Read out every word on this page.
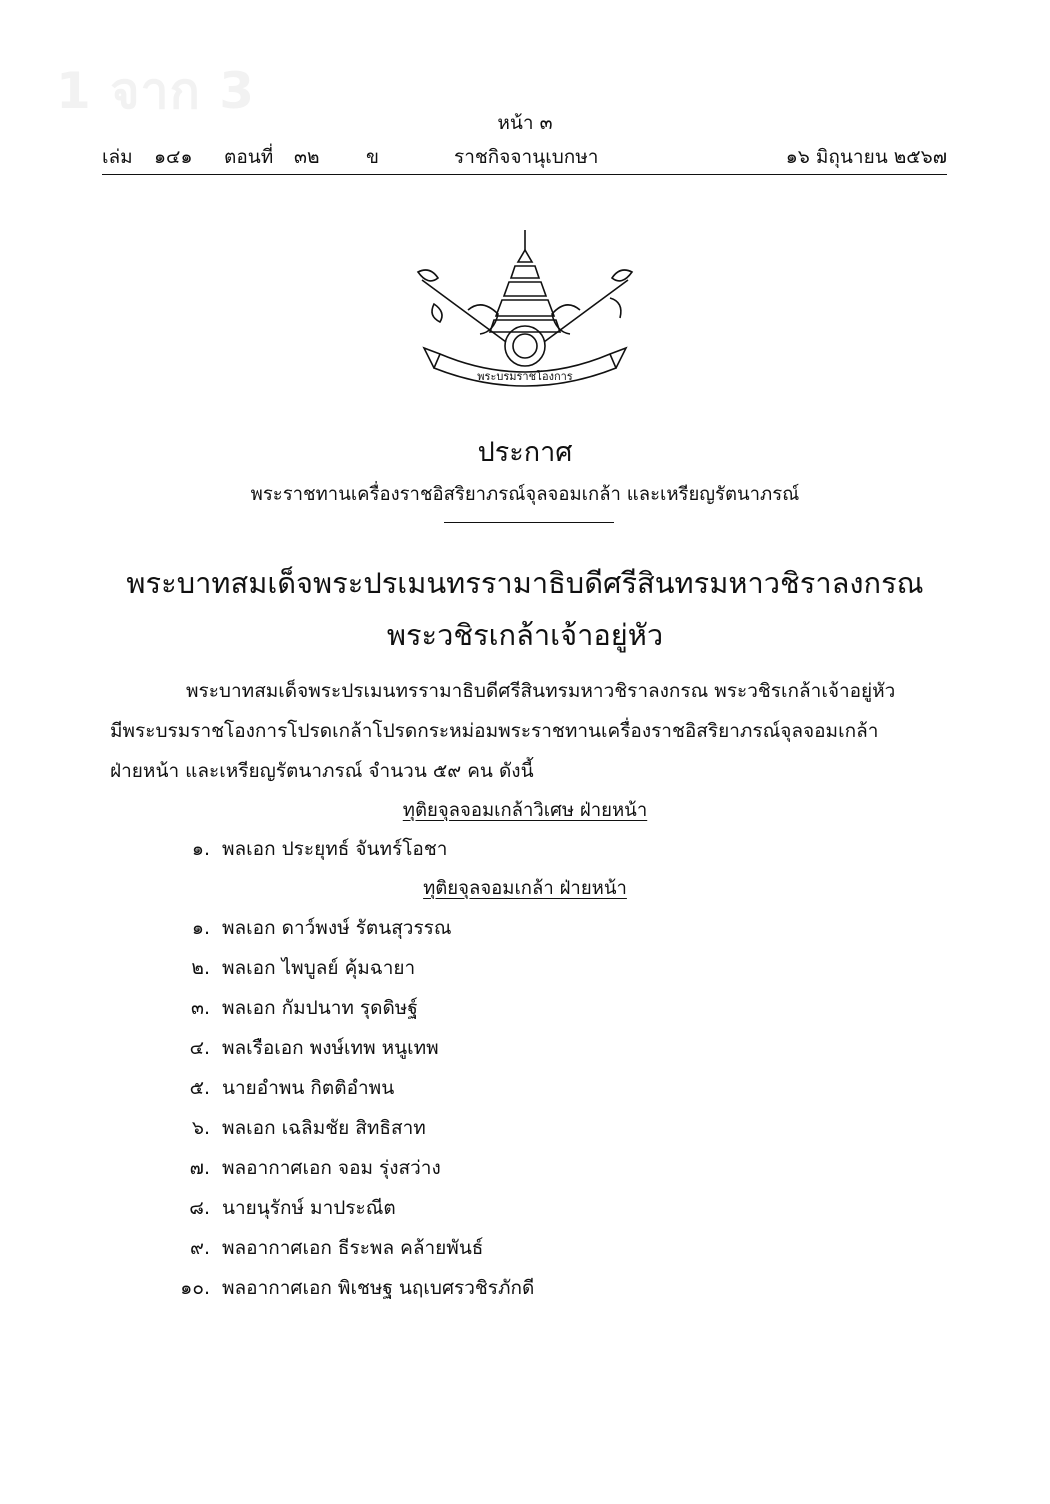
1 จาก 3
หน้า ๓
เล่ม ๑๔๑ ตอนที่ ๓๒ ข	ราชกิจจานุเบกษา	๑๖ มิถุนายน ๒๕๖๗
พระบรมราชโองการ
ประกาศ
พระราชทานเครื่องราชอิสริยาภรณ์จุลจอมเกล้า และเหรียญรัตนาภรณ์
พระบาทสมเด็จพระปรเมนทรรามาธิบดีศรีสินทรมหาวชิราลงกรณ
พระวชิรเกล้าเจ้าอยู่หัว
พระบาทสมเด็จพระปรเมนทรรามาธิบดีศรีสินทรมหาวชิราลงกรณ พระวชิรเกล้าเจ้าอยู่หัว
มีพระบรมราชโองการโปรดเกล้าโปรดกระหม่อมพระราชทานเครื่องราชอิสริยาภรณ์จุลจอมเกล้า
ฝ่ายหน้า และเหรียญรัตนาภรณ์ จำนวน ๕๙ คน ดังนี้
ทุติยจุลจอมเกล้าวิเศษ ฝ่ายหน้า
๑. พลเอก ประยุทธ์ จันทร์โอชา
ทุติยจุลจอมเกล้า ฝ่ายหน้า
๑. พลเอก ดาว์พงษ์ รัตนสุวรรณ
๒. พลเอก ไพบูลย์ คุ้มฉายา
๓. พลเอก กัมปนาท รุดดิษฐ์
๔. พลเรือเอก พงษ์เทพ หนูเทพ
๕. นายอำพน กิตติอำพน
๖. พลเอก เฉลิมชัย สิทธิสาท
๗. พลอากาศเอก จอม รุ่งสว่าง
๘. นายนุรักษ์ มาประณีต
๙. พลอากาศเอก ธีระพล คล้ายพันธ์
๑๐. พลอากาศเอก พิเชษฐ นฤเบศรวชิรภักดี
